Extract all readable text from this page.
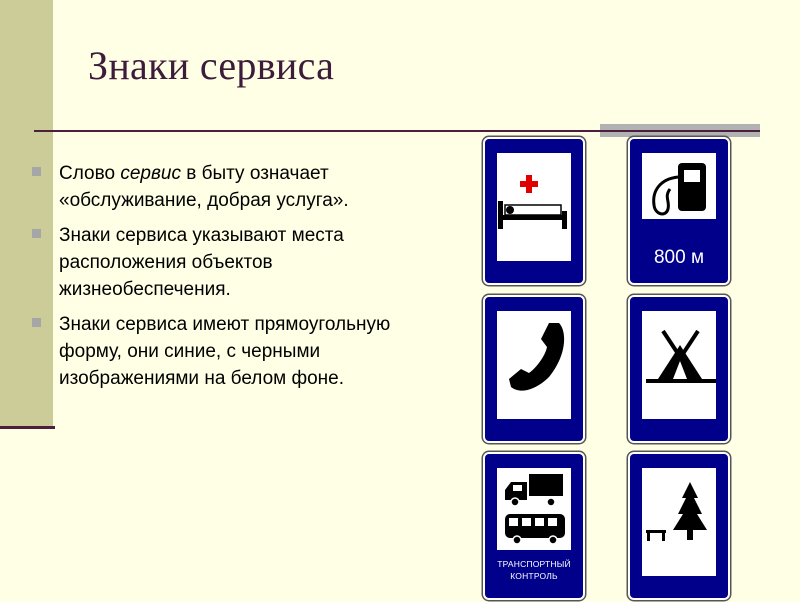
Знаки сервиса
Слово сервис в быту означает «обслуживание, добрая услуга».
Знаки сервиса указывают места расположения объектов жизнеобеспечения.
Знаки сервиса имеют прямоугольную форму, они синие, с черными изображениями на белом фоне.
800 м
ТРАНСПОРТНЫЙ
КОНТРОЛЬ
